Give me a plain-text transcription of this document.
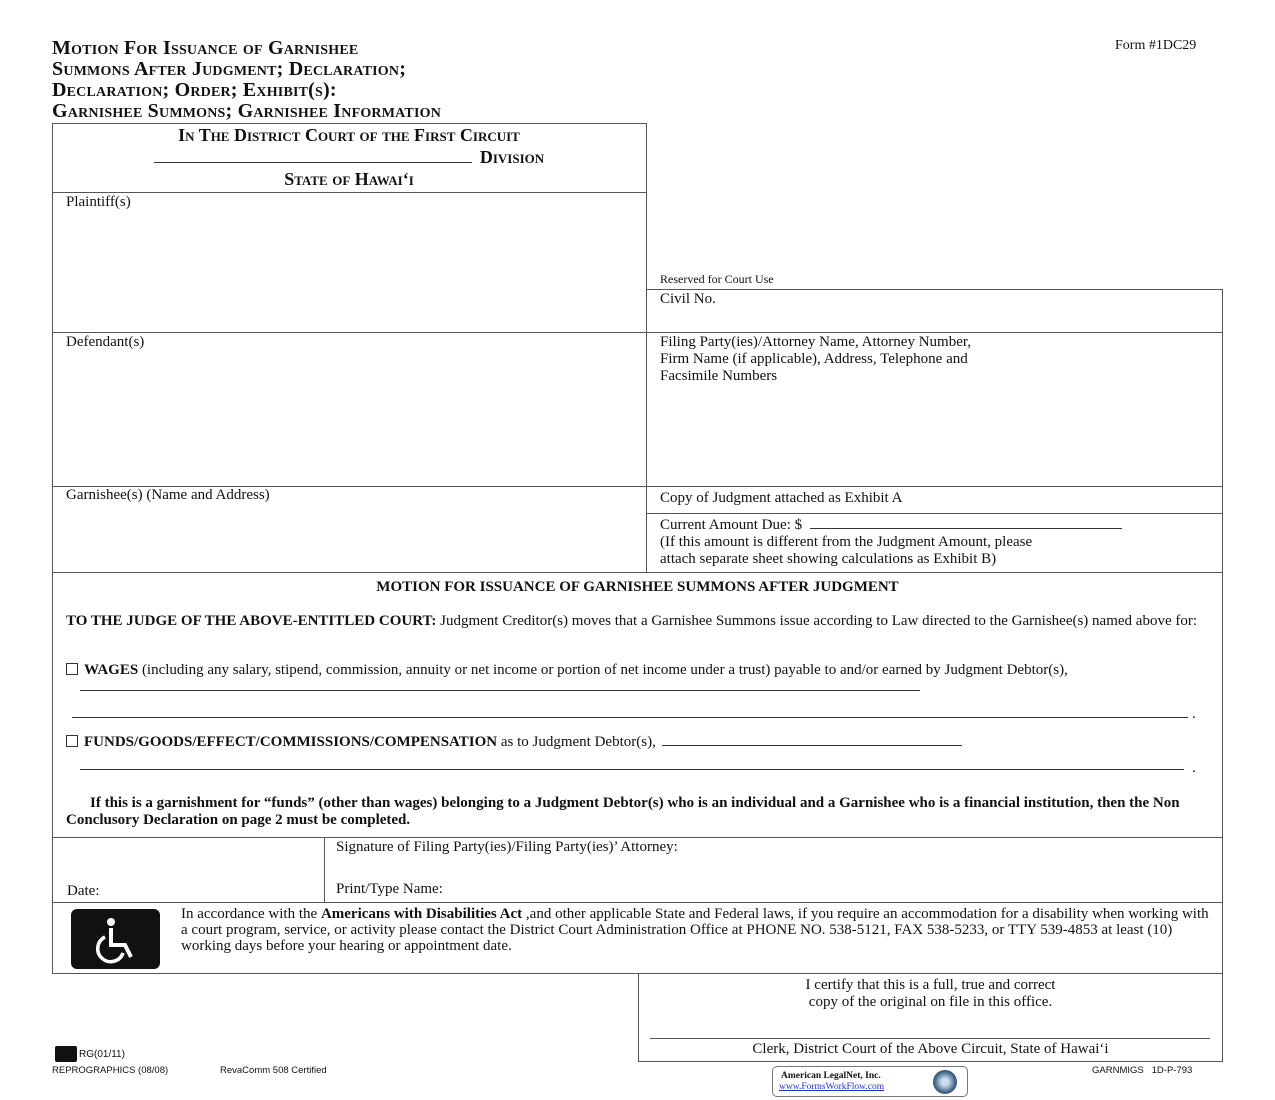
Motion For Issuance of Garnishee
Summons After Judgment; Declaration;
Declaration; Order; Exhibit(s):
Garnishee Summons; Garnishee Information
Form #1DC29
In The District Court of the First Circuit
Division
State of Hawai‘i
Plaintiff(s)
Defendant(s)
Garnishee(s) (Name and Address)
Reserved for Court Use
Civil No.
Filing Party(ies)/Attorney Name, Attorney Number,
Firm Name (if applicable), Address, Telephone and
Facsimile Numbers
Copy of Judgment attached as Exhibit A
Current Amount Due: $
(If this amount is different from the Judgment Amount, please
attach separate sheet showing calculations as Exhibit B)
MOTION FOR ISSUANCE OF GARNISHEE SUMMONS AFTER JUDGMENT
TO THE JUDGE OF THE ABOVE-ENTITLED COURT: Judgment Creditor(s) moves that a Garnishee Summons issue according to Law directed to the Garnishee(s) named above for:
WAGES (including any salary, stipend, commission, annuity or net income or portion of net income under a trust) payable to and/or earned by Judgment Debtor(s),
.
FUNDS/GOODS/EFFECT/COMMISSIONS/COMPENSATION as to Judgment Debtor(s),
.
If this is a garnishment for “funds” (other than wages) belonging to a Judgment Debtor(s) who is an individual and a Garnishee who is a financial institution, then the Non Conclusory Declaration on page 2 must be completed.
Date:
Signature of Filing Party(ies)/Filing Party(ies)’ Attorney:
Print/Type Name:
In accordance with the Americans with Disabilities Act ,and other applicable State and Federal laws, if you require an accommodation for a disability when working with a court program, service, or activity please contact the District Court Administration Office at PHONE NO. 538-5121, FAX 538-5233, or TTY 539-4853 at least (10) working days before your hearing or appointment date.
I certify that this is a full, true and correct
copy of the original on file in this office.
Clerk, District Court of the Above Circuit, State of Hawai‘i
RG(01/11)
REPROGRAPHICS (08/08)	RevaComm 508 Certified	GARNMIGS   1D-P-793
American LegalNet, Inc.
www.FormsWorkFlow.com
